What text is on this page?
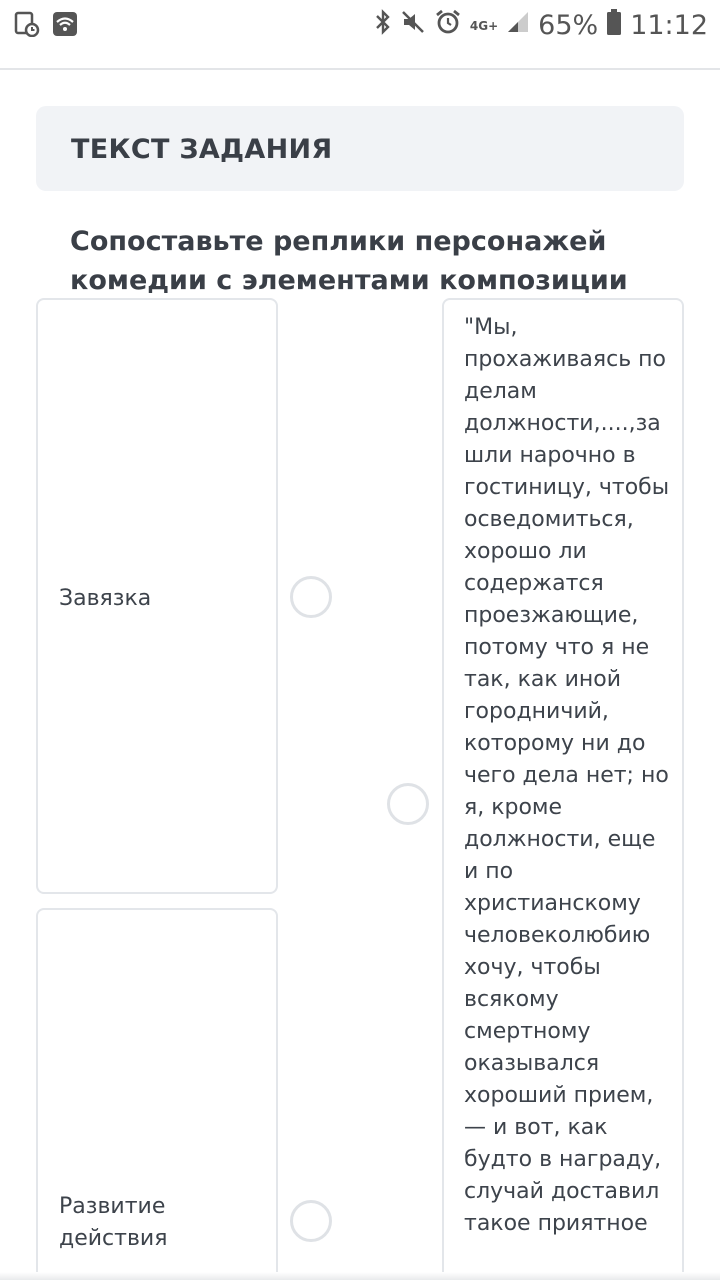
4G+ 65% 11:12
ТЕКСТ ЗАДАНИЯ
Сопоставьте реплики персонажей комедии с элементами композиции
Завязка
Развитие действия
"Мы, прохаживаясь по делам должности,....,зашли нарочно в гостиницу, чтобы осведомиться, хорошо ли содержатся проезжающие, потому что я не так, как иной городничий, которому ни до чего дела нет; но я, кроме должности, еще и по христианскому человеколюбию хочу, чтобы всякому смертному оказывался хороший прием, — и вот, как будто в награду, случай доставил такое приятное
